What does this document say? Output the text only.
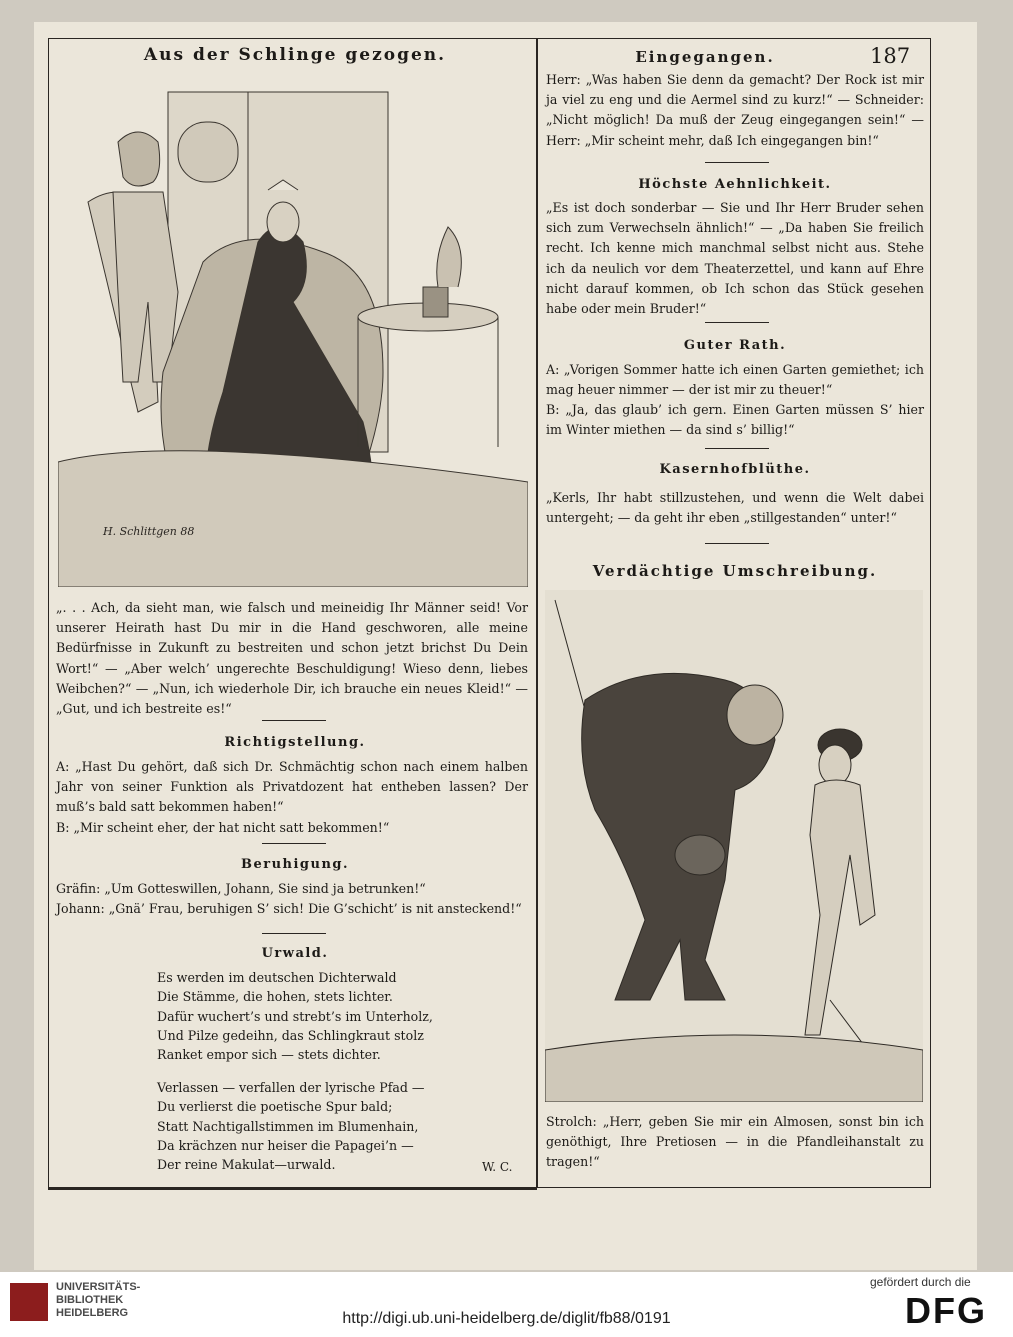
Aus der Schlinge gezogen.
H. Schlittgen 88

„. . . Ach, da sieht man, wie falsch und meineidig Ihr Männer seid! Vor unserer Heirath hast Du mir in die Hand geschworen, alle meine Bedürfnisse in Zukunft zu bestreiten und schon jetzt brichst Du Dein Wort!“ — „Aber welch’ ungerechte Beschuldigung! Wieso denn, liebes Weibchen?“ — „Nun, ich wiederhole Dir, ich brauche ein neues Kleid!“ — „Gut, und ich bestreite es!“

Richtigstellung.

A: „Hast Du gehört, daß sich Dr. Schmächtig schon nach einem halben Jahr von seiner Funktion als Privatdozent hat entheben lassen? Der muß’s bald satt bekommen haben!“

B: „Mir scheint eher, der hat nicht satt bekommen!“

Beruhigung.

Gräfin: „Um Gotteswillen, Johann, Sie sind ja betrunken!“

Johann: „Gnä’ Frau, beruhigen S’ sich! Die G’schicht’ is nit ansteckend!“

Urwald.
Es werden im deutschen Dichterwald
Die Stämme, die hohen, stets lichter.
Dafür wuchert’s und strebt’s im Unterholz,
Und Pilze gedeihn, das Schlingkraut stolz
Ranket empor sich — stets dichter.
Verlassen — verfallen der lyrische Pfad —
Du verlierst die poetische Spur bald;
Statt Nachtigallstimmen im Blumenhain,
Da krächzen nur heiser die Papagei’n —
Der reine Makulat—urwald.	W. C.
Eingegangen.	187

Herr: „Was haben Sie denn da gemacht? Der Rock ist mir ja viel zu eng und die Aermel sind zu kurz!“ — Schneider: „Nicht möglich! Da muß der Zeug eingegangen sein!“ — Herr: „Mir scheint mehr, daß Ich eingegangen bin!“

Höchste Aehnlichkeit.

„Es ist doch sonderbar — Sie und Ihr Herr Bruder sehen sich zum Verwechseln ähnlich!“ — „Da haben Sie freilich recht. Ich kenne mich manchmal selbst nicht aus. Stehe ich da neulich vor dem Theaterzettel, und kann auf Ehre nicht darauf kommen, ob Ich schon das Stück gesehen habe oder mein Bruder!“

Guter Rath.

A: „Vorigen Sommer hatte ich einen Garten gemiethet; ich mag heuer nimmer — der ist mir zu theuer!“

B: „Ja, das glaub’ ich gern. Einen Garten müssen S’ hier im Winter miethen — da sind s’ billig!“

Kasernhofblüthe.

„Kerls, Ihr habt stillzustehen, und wenn die Welt dabei untergeht; — da geht ihr eben „stillgestanden“ unter!“

Verdächtige Umschreibung.

Strolch: „Herr, geben Sie mir ein Almosen, sonst bin ich genöthigt, Ihre Pretiosen — in die Pfandleihanstalt zu tragen!“

UNIVERSITÄTS-
BIBLIOTHEK
HEIDELBERG	http://digi.ub.uni-heidelberg.de/diglit/fb88/0191
gefördert durch die
DFG
